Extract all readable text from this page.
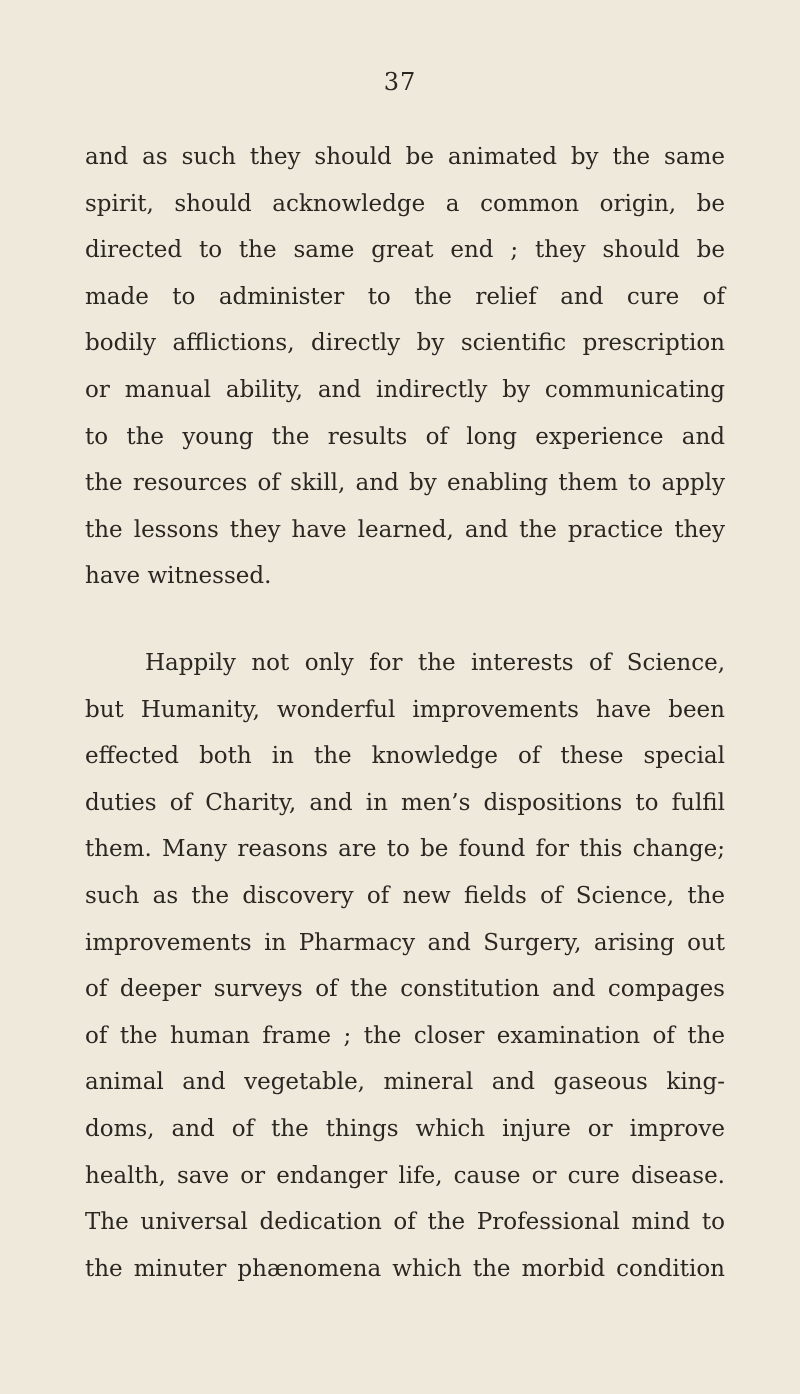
37
and as such they should be animated by the same
spirit, should acknowledge a common origin, be
directed to the same great end ; they should be
made to administer to the relief and cure of
bodily afflictions, directly by scientific prescription
or manual ability, and indirectly by communicating
to the young the results of long experience and
the resources of skill, and by enabling them to apply
the lessons they have learned, and the practice they
have witnessed.
Happily not only for the interests of Science,
but Humanity, wonderful improvements have been
effected both in the knowledge of these special
duties of Charity, and in men’s dispositions to fulfil
them. Many reasons are to be found for this change;
such as the discovery of new fields of Science, the
improvements in Pharmacy and Surgery, arising out
of deeper surveys of the constitution and compages
of the human frame ; the closer examination of the
animal and vegetable, mineral and gaseous king-
doms, and of the things which injure or improve
health, save or endanger life, cause or cure disease.
The universal dedication of the Professional mind to
the minuter phænomena which the morbid condition
